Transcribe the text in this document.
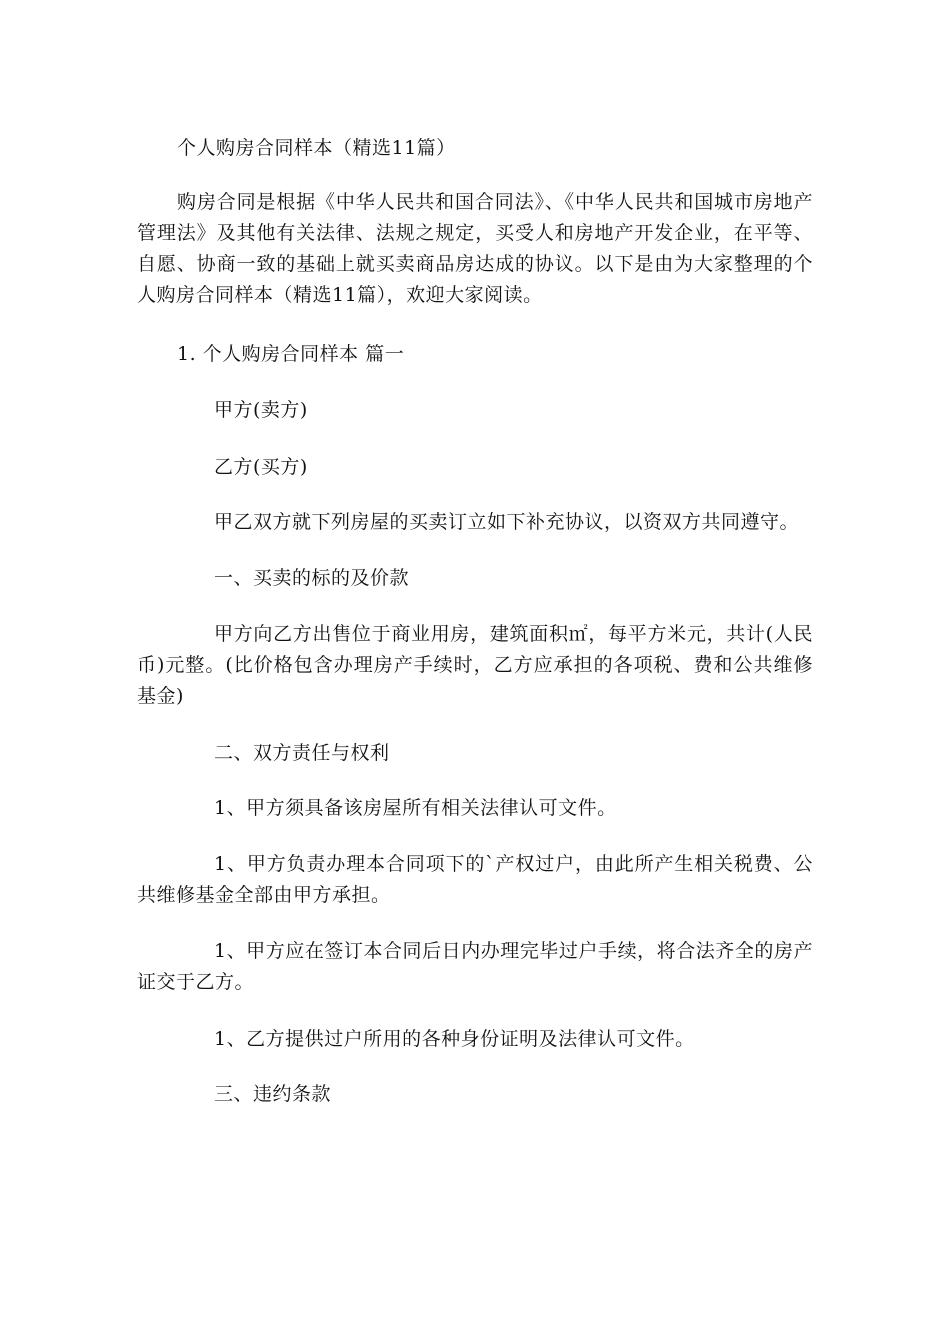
个人购房合同样本（精选11篇）

购房合同是根据《中华人民共和国合同法》、《中华人民共和国城市房地产管理法》及其他有关法律、法规之规定，买受人和房地产开发企业，在平等、自愿、协商一致的基础上就买卖商品房达成的协议。以下是由为大家整理的个人购房合同样本（精选11篇），欢迎大家阅读。

1. 个人购房合同样本 篇一

甲方(卖方)

乙方(买方)

甲乙双方就下列房屋的买卖订立如下补充协议，以资双方共同遵守。

一、买卖的标的及价款

甲方向乙方出售位于商业用房，建筑面积㎡，每平方米元，共计(人民币)元整。(比价格包含办理房产手续时，乙方应承担的各项税、费和公共维修基金)

二、双方责任与权利

1、甲方须具备该房屋所有相关法律认可文件。

1、甲方负责办理本合同项下的`产权过户，由此所产生相关税费、公共维修基金全部由甲方承担。

1、甲方应在签订本合同后日内办理完毕过户手续，将合法齐全的房产证交于乙方。

1、乙方提供过户所用的各种身份证明及法律认可文件。

三、违约条款
